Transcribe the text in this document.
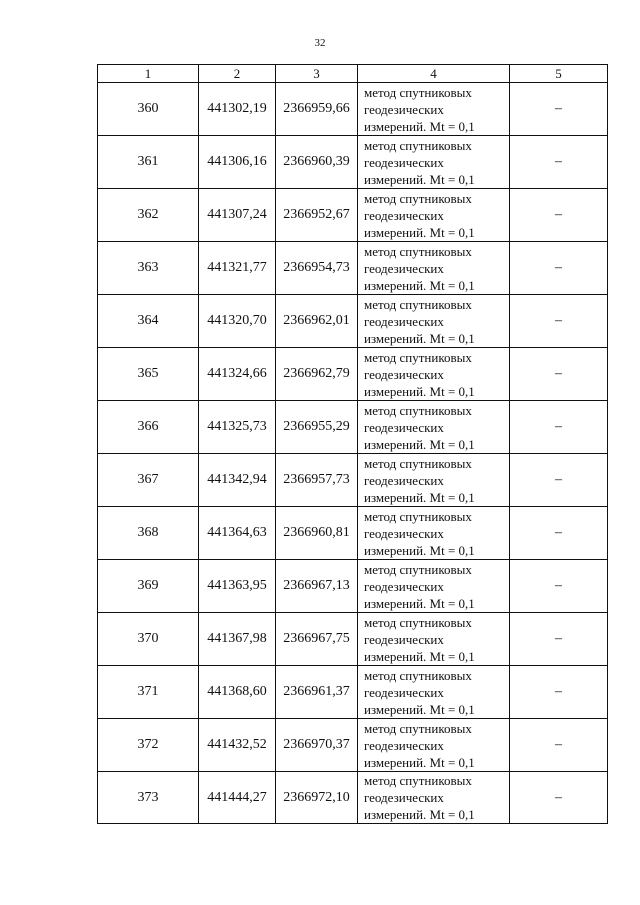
32
1	2	3	4	5
360	441302,19	2366959,66	метод спутниковых
геодезических
измерений. Mt = 0,1	–
361	441306,16	2366960,39	метод спутниковых
геодезических
измерений. Mt = 0,1	–
362	441307,24	2366952,67	метод спутниковых
геодезических
измерений. Mt = 0,1	–
363	441321,77	2366954,73	метод спутниковых
геодезических
измерений. Mt = 0,1	–
364	441320,70	2366962,01	метод спутниковых
геодезических
измерений. Mt = 0,1	–
365	441324,66	2366962,79	метод спутниковых
геодезических
измерений. Mt = 0,1	–
366	441325,73	2366955,29	метод спутниковых
геодезических
измерений. Mt = 0,1	–
367	441342,94	2366957,73	метод спутниковых
геодезических
измерений. Mt = 0,1	–
368	441364,63	2366960,81	метод спутниковых
геодезических
измерений. Mt = 0,1	–
369	441363,95	2366967,13	метод спутниковых
геодезических
измерений. Mt = 0,1	–
370	441367,98	2366967,75	метод спутниковых
геодезических
измерений. Mt = 0,1	–
371	441368,60	2366961,37	метод спутниковых
геодезических
измерений. Mt = 0,1	–
372	441432,52	2366970,37	метод спутниковых
геодезических
измерений. Mt = 0,1	–
373	441444,27	2366972,10	метод спутниковых
геодезических
измерений. Mt = 0,1	–
